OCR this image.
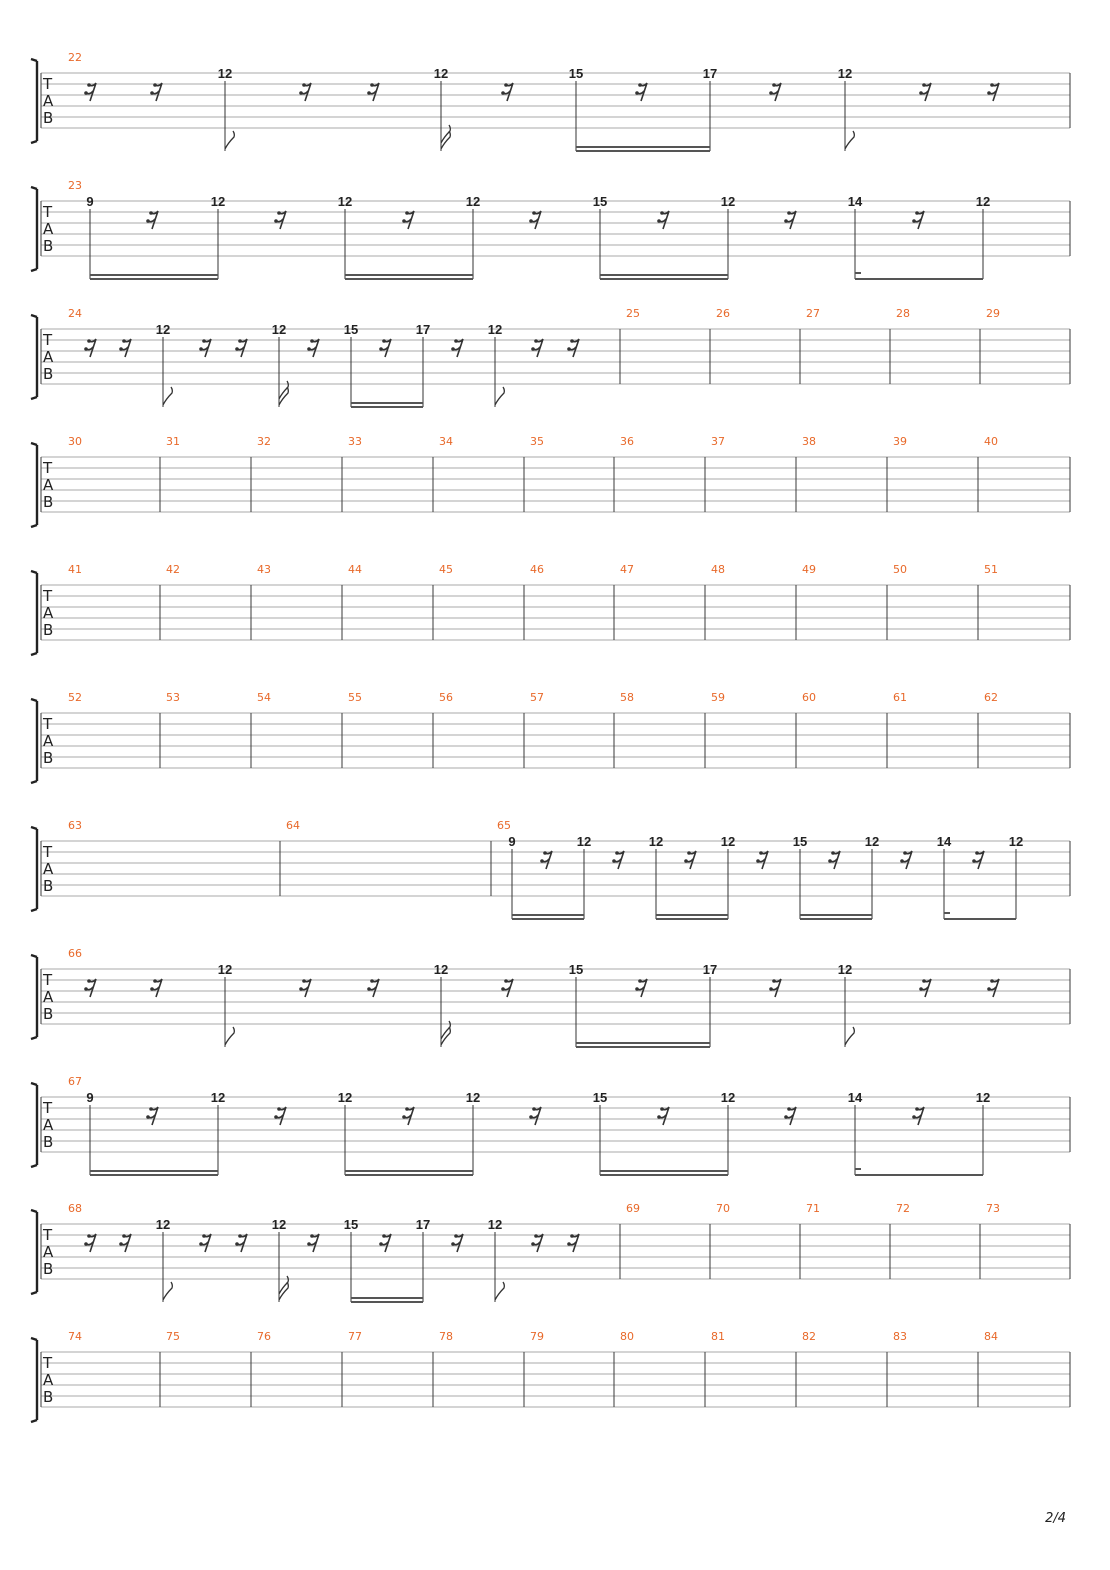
T
A
B
22
12	12	15	17	12
T
A
B
23
9	12	12	12	15	12	14	12
T
A
B
24	25	26	27	28	29
12	12	15	17	12
T
A
B
30	31	32	33	34	35	36	37	38	39	40
T
A
B
41	42	43	44	45	46	47	48	49	50	51
T
A
B
52	53	54	55	56	57	58	59	60	61	62
T
A
B
63	64	65
9	12	12	12	15	12	14	12
T
A
B
66
12	12	15	17	12
T
A
B
67
9	12	12	12	15	12	14	12
T
A
B
68	69	70	71	72	73
12	12	15	17	12
T
A
B
74	75	76	77	78	79	80	81	82	83	84
2/4
